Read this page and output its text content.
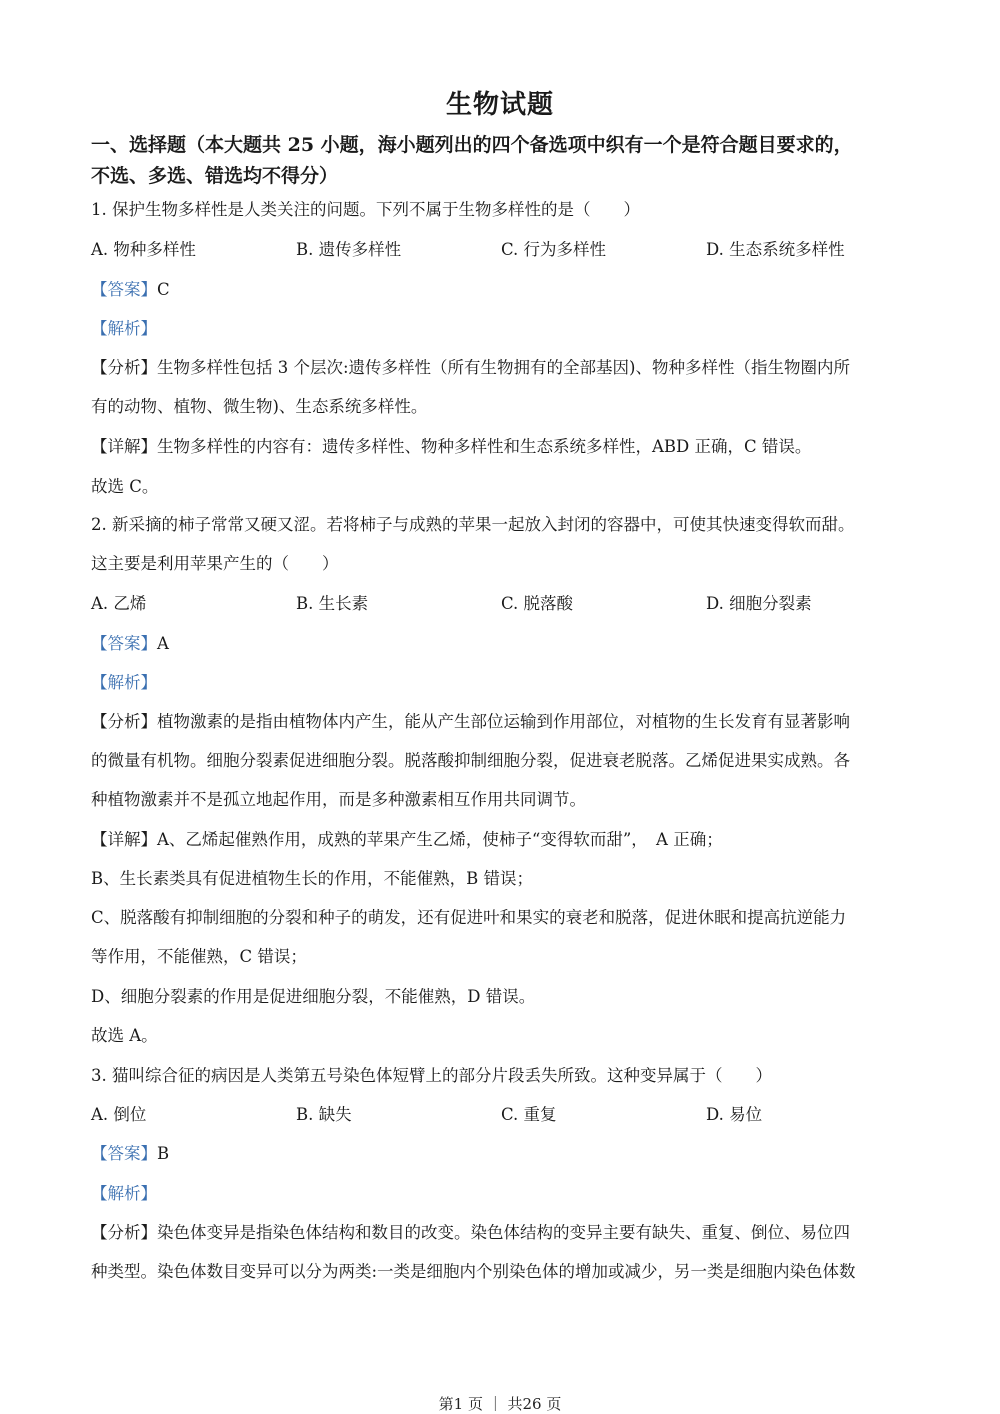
生物试题
一、选择题（本大题共 25 小题，海小题列出的四个备选项中织有一个是符合题目要求的，
不选、多选、错选均不得分）
1. 保护生物多样性是人类关注的问题。下列不属于生物多样性的是（　　）
A. 物种多样性	B. 遗传多样性	C. 行为多样性	D. 生态系统多样性
【答案】C
【解析】
【分析】生物多样性包括 3 个层次:遗传多样性（所有生物拥有的全部基因)、物种多样性（指生物圈内所
有的动物、植物、微生物)、生态系统多样性。
【详解】生物多样性的内容有：遗传多样性、物种多样性和生态系统多样性，ABD 正确，C 错误。
故选 C。
2. 新采摘的柿子常常又硬又涩。若将柿子与成熟的苹果一起放入封闭的容器中，可使其快速变得软而甜。
这主要是利用苹果产生的（　　）
A. 乙烯	B. 生长素	C. 脱落酸	D. 细胞分裂素
【答案】A
【解析】
【分析】植物激素的是指由植物体内产生，能从产生部位运输到作用部位，对植物的生长发育有显著影响
的微量有机物。细胞分裂素促进细胞分裂。脱落酸抑制细胞分裂，促进衰老脱落。乙烯促进果实成熟。各
种植物激素并不是孤立地起作用，而是多种激素相互作用共同调节。
【详解】A、乙烯起催熟作用，成熟的苹果产生乙烯，使柿子“变得软而甜”，　A 正确；
B、生长素类具有促进植物生长的作用，不能催熟，B 错误；
C、脱落酸有抑制细胞的分裂和种子的萌发，还有促进叶和果实的衰老和脱落，促进休眠和提高抗逆能力
等作用，不能催熟，C 错误；
D、细胞分裂素的作用是促进细胞分裂，不能催熟，D 错误。
故选 A。
3. 猫叫综合征的病因是人类第五号染色体短臂上的部分片段丢失所致。这种变异属于（　　）
A. 倒位	B. 缺失	C. 重复	D. 易位
【答案】B
【解析】
【分析】染色体变异是指染色体结构和数目的改变。染色体结构的变异主要有缺失、重复、倒位、易位四
种类型。染色体数目变异可以分为两类:一类是细胞内个别染色体的增加或减少，另一类是细胞内染色体数
第1 页 ｜ 共26 页
